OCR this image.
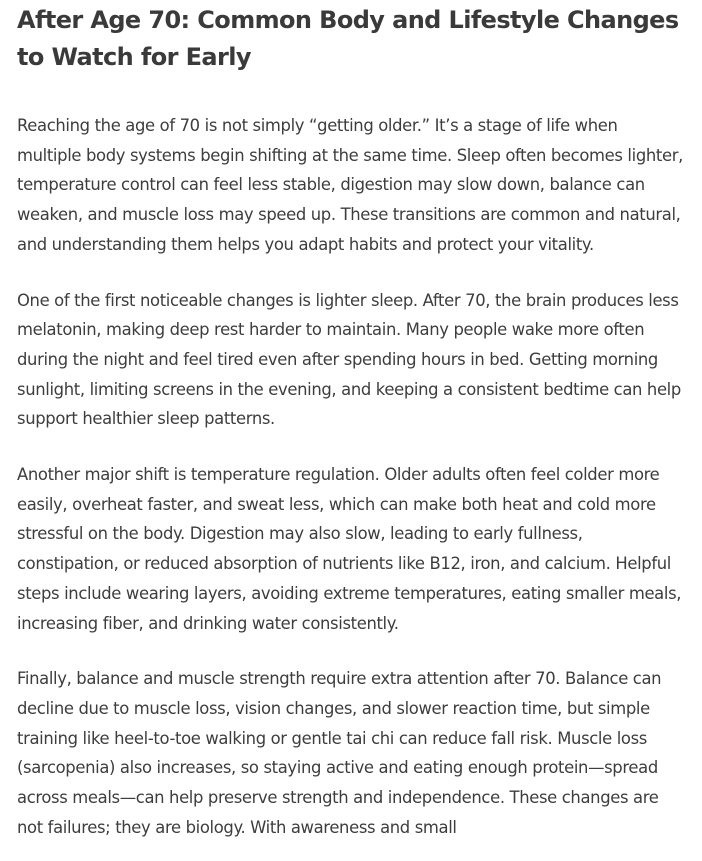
After Age 70: Common Body and Lifestyle Changes to Watch for Early

Reaching the age of 70 is not simply “getting older.” It’s a stage of life when multiple body systems begin shifting at the same time. Sleep often becomes lighter, temperature control can feel less stable, digestion may slow down, balance can weaken, and muscle loss may speed up. These transitions are common and natural, and understanding them helps you adapt habits and protect your vitality.

One of the first noticeable changes is lighter sleep. After 70, the brain produces less melatonin, making deep rest harder to maintain. Many people wake more often during the night and feel tired even after spending hours in bed. Getting morning sunlight, limiting screens in the evening, and keeping a consistent bedtime can help support healthier sleep patterns.

Another major shift is temperature regulation. Older adults often feel colder more easily, overheat faster, and sweat less, which can make both heat and cold more stressful on the body. Digestion may also slow, leading to early fullness, constipation, or reduced absorption of nutrients like B12, iron, and calcium. Helpful steps include wearing layers, avoiding extreme temperatures, eating smaller meals, increasing fiber, and drinking water consistently.

Finally, balance and muscle strength require extra attention after 70. Balance can decline due to muscle loss, vision changes, and slower reaction time, but simple training like heel-to-toe walking or gentle tai chi can reduce fall risk. Muscle loss (sarcopenia) also increases, so staying active and eating enough protein—spread across meals—can help preserve strength and independence. These changes are not failures; they are biology. With awareness and small
